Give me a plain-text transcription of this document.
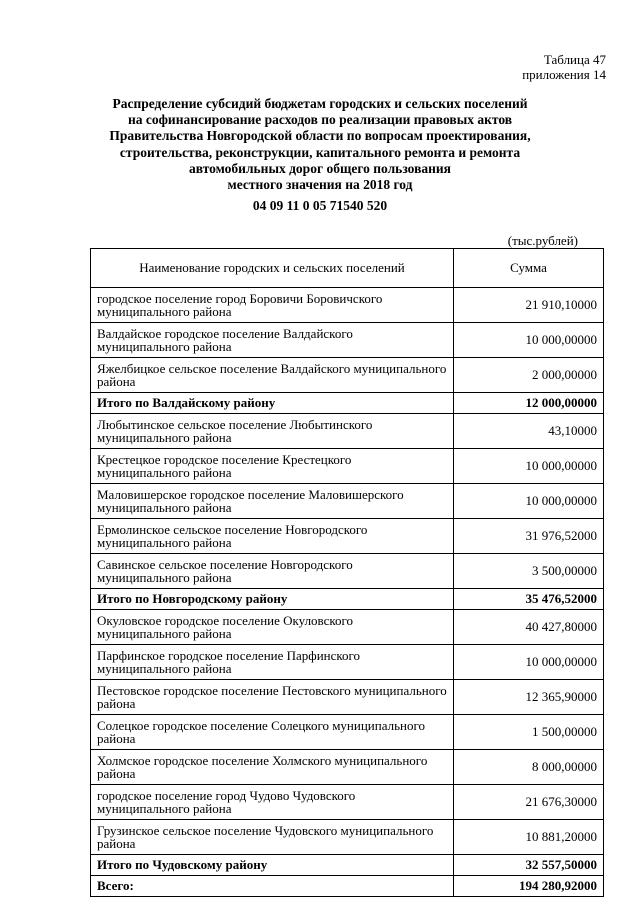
Таблица 47
приложения 14
Распределение субсидий бюджетам городских и сельских поселений
на софинансирование расходов по реализации правовых актов
Правительства Новгородской области по вопросам проектирования,
строительства, реконструкции, капитального ремонта и ремонта
автомобильных дорог общего пользования
местного значения на 2018 год
04 09 11 0 05 71540 520
(тыс.рублей)
Наименование городских и сельских поселений	Сумма
городское поселение город Боровичи Боровичского муниципального района	21 910,10000
Валдайское городское поселение Валдайского муниципального района	10 000,00000
Яжелбицкое сельское поселение Валдайского муниципального района	2 000,00000
Итого по Валдайскому району	12 000,00000
Любытинское сельское поселение Любытинского муниципального района	43,10000
Крестецкое городское поселение Крестецкого муниципального района	10 000,00000
Маловишерское городское поселение Маловишерского муниципального района	10 000,00000
Ермолинское сельское поселение Новгородского муниципального района	31 976,52000
Савинское сельское поселение Новгородского муниципального района	3 500,00000
Итого по Новгородскому району	35 476,52000
Окуловское городское поселение Окуловского муниципального района	40 427,80000
Парфинское городское поселение Парфинского муниципального района	10 000,00000
Пестовское городское поселение Пестовского муниципального района	12 365,90000
Солецкое городское поселение Солецкого муниципального района	1 500,00000
Холмское городское поселение Холмского муниципального района	8 000,00000
городское поселение город Чудово Чудовского муниципального района	21 676,30000
Грузинское сельское поселение Чудовского муниципального района	10 881,20000
Итого по Чудовскому району	32 557,50000
Всего:	194 280,92000
